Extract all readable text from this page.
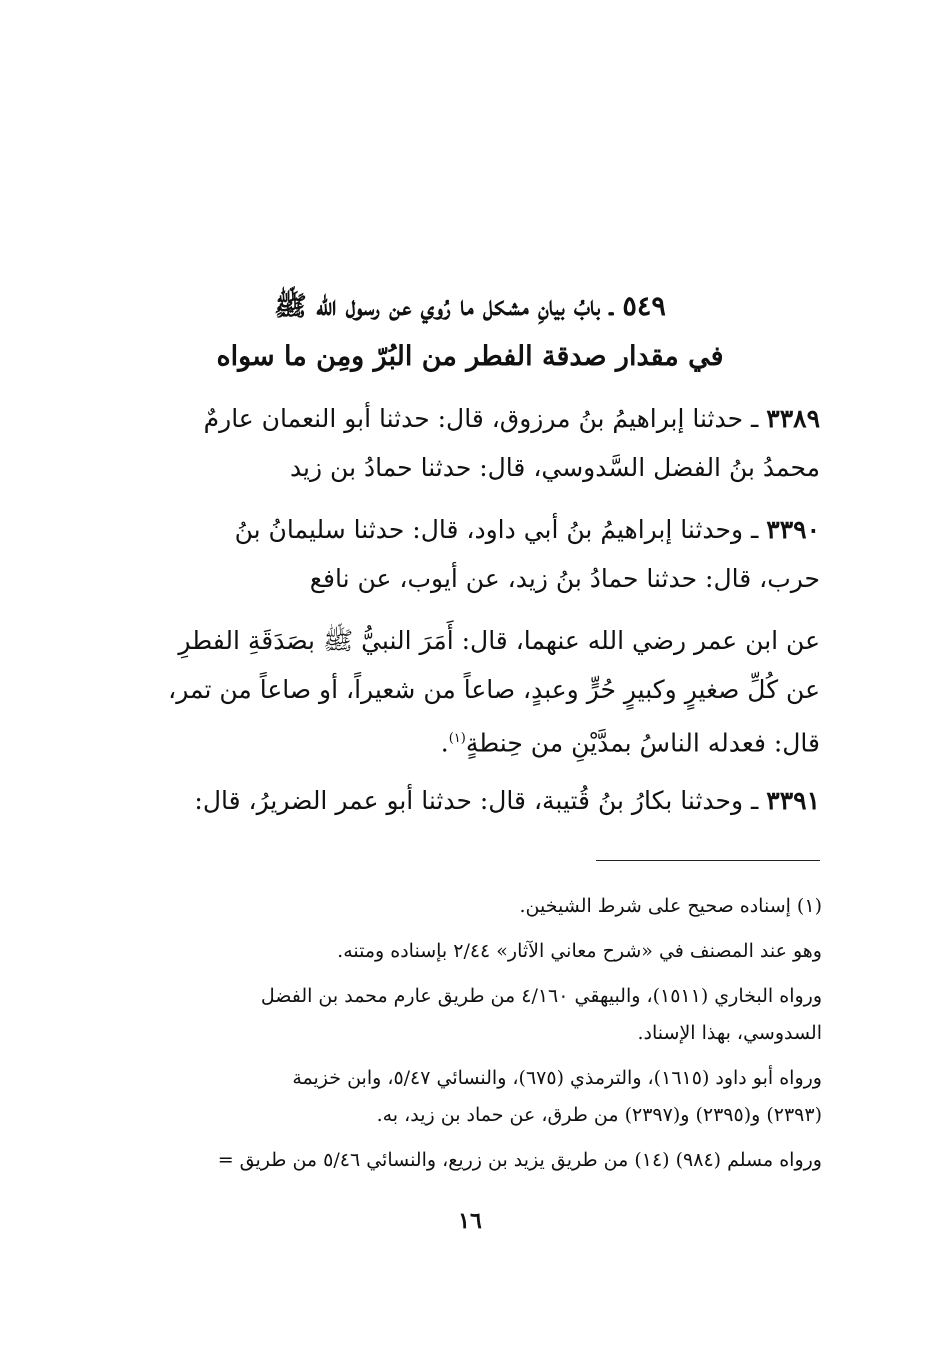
٥٤٩ ـ بابُ بيانِ مشكل ما رُوي عن رسول الله ﷺ
في مقدار صدقة الفطر من البُرّ ومِن ما سواه
٣٣٨٩ ـ حدثنا إبراهيمُ بنُ مرزوق، قال: حدثنا أبو النعمان عارمٌ
محمدُ بنُ الفضل السَّدوسي، قال: حدثنا حمادُ بن زيد
٣٣٩٠ ـ وحدثنا إبراهيمُ بنُ أبي داود، قال: حدثنا سليمانُ بنُ
حرب، قال: حدثنا حمادُ بنُ زيد، عن أيوب، عن نافع
عن ابن عمر رضي الله عنهما، قال: أَمَرَ النبيُّ ﷺ بصَدَقَةِ الفطرِ
عن كُلِّ صغيرٍ وكبيرٍ حُرٍّ وعبدٍ، صاعاً من شعيراً، أو صاعاً من تمر،
قال: فعدله الناسُ بمدَّيْنِ من حِنطةٍ$^{(١)}$.
٣٣٩١ ـ وحدثنا بكارُ بنُ قُتيبة، قال: حدثنا أبو عمر الضريرُ، قال:
(١) إسناده صحيح على شرط الشيخين.
وهو عند المصنف في «شرح معاني الآثار» ٢/٤٤ بإسناده ومتنه.
ورواه البخاري (١٥١١)، والبيهقي ٤/١٦٠ من طريق عارم محمد بن الفضل
السدوسي، بهذا الإسناد.
ورواه أبو داود (١٦١٥)، والترمذي (٦٧٥)، والنسائي ٥/٤٧، وابن خزيمة
(٢٣٩٣) و(٢٣٩٥) و(٢٣٩٧) من طرق، عن حماد بن زيد، به.
ورواه مسلم (٩٨٤) (١٤) من طريق يزيد بن زريع، والنسائي ٥/٤٦ من طريق =
١٦
